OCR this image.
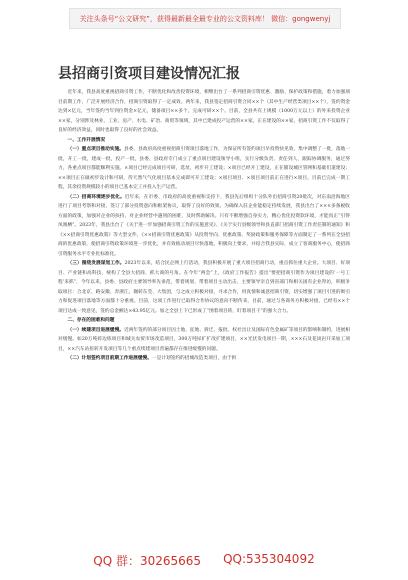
关注头条号“公文研究”，获得最新最全最专业的公文资料库！ 微信：gongwenyj
县招商引资项目建设情况汇报

近年来，我县高度重视招商引资工作，不断优化和改善投资环境，相继出台了一系列招商引资优惠、激励、保护政策和措施，着力加强项目前期工作，广泛开展经济合作，招商引资取得了一定成效。两年来，我县签定招商引资合同××个（其中生产经营类项目××个），签约资金达到×亿元，当年签约当年到位资金×亿元，储备项目××多个，完成可研××个。目前，全县共有上规模（1000万元以上）的外来投资企业××家，分别涉及林业、工业、房产、水电、矿冶、商贸等领域，其中已建成投产运营的××家，正在建设的××家，招商引资工作不仅取得了良好的经济效益，同时也取得了良好的社会效益。

一、工作开展情况

（一）重点项目推动实施。县委、县政府高度重视招商引资项目落地工作，为保证所有签约项目早投资快见效，集中调整了一批，落地一批，开工一批，建成一批，投产一批，县委、县政府专门成立了重点项目建设领导小组，实行分级负责、责任到人，跟踪协调服务，通过努力，各重点项目都能顺利实施。×项目已经完成项目可研，选址，初步开工建设；×项目已经开工建设，正在铺设城区管网和基础们道建设；××项目正在做初步设计和可研，待天然气气化项目基本完成即可开工建设；×项目项目、×项目项目前正在进行×项目。目前已完成一期工程，其余投资规模较小的项目已基本完工并投入生产运营。

（二）招商环境逐步优化。近年来，在市委、市政府的高度重视和支持下，我县先后组织十分队外出招商引资20批次，对东南沿海地区进行了项目考察和对接，签订了部分投资意向和框架协议，取得了良好的效果。为确保入驻企业能稳定持续发展，我县出台了×××多条税收方面的政策，加强对企业的扶持，对企业经营中遇到的困难，及时帮助解决。只有不断增强自身实力，精心优化投资软环境，才能真正“引得凤凰栖”。2023年，我县出台了《关于进一步加强招商引资工作的实施意见》、《关于实行县级领导和县直部门招商引资工作责任制的通知》和《××招商引资优惠政策》等大型文件，《××招商引资优惠政策》从投资导向、优惠政策、奖励政策和服务保障等方面制定了一系列在全县招商的优惠政策，使招商引资政策环境进一步优化，并有效推动项目尽快落地，积极向上要求，并结合我县实际，成立了客商服务中心，使招商引资服务水平专业化标准化。

（三）围绕发展谋划工作。2023年以来，结合民企网上行活动，我县积极开展了重大项目招商行动，重点抓住重大企业。大项目、好项目、产业链和高科技，统构了全县大招商、抓大商的号角。在今年“两会”上，《政府工作报告》提出“要把招商引资作为项目建设的‘一号工程’来抓”，今年以来，县委、县政府主要领导率先垂范，带着规划、带着项目主动出击，主要领导亲自到省部门和相关国有企业拜访，积极争取项目：合北京、路安徽、奔浙江，辗转东莞、大集团，与之成立积极对接，寻求合作，用真情和诚意招商引资，切实增强了项目引进的吸引力和促进项目落地等方面都十分重视。目前，这项工作进行已取得合作协议的意向不断传来，目前，通过与各商务方积极对接，已经有××个项目达成一致意见，签约总金额达×43.95亿元。加之全县上下已形成了“围着项目转，盯着项目干”的强大合力。

二、存在的困难和问题

（一）续建项目进展缓慢。近两年签约的部分项目因土地、征地、拆迁、报批、权社出让及国际有色金属矿等项目的影响和制约，进展相对缓慢。如20万吨碎边炼项目和城关农贸市场改造项目，300万吨尿扩扩改扩建项目，××光伏发电项目一期，×××石及花岗岩开采加工项目，××汽车站扭转开发项目等几个重点续建项目普遍都存在推进缓慢的问题。

（二）计划签约项目前期工作进展缓慢。一是计划签约的招城改造类项目，由于拆

QQ 群：30265665 QQ:535304092
